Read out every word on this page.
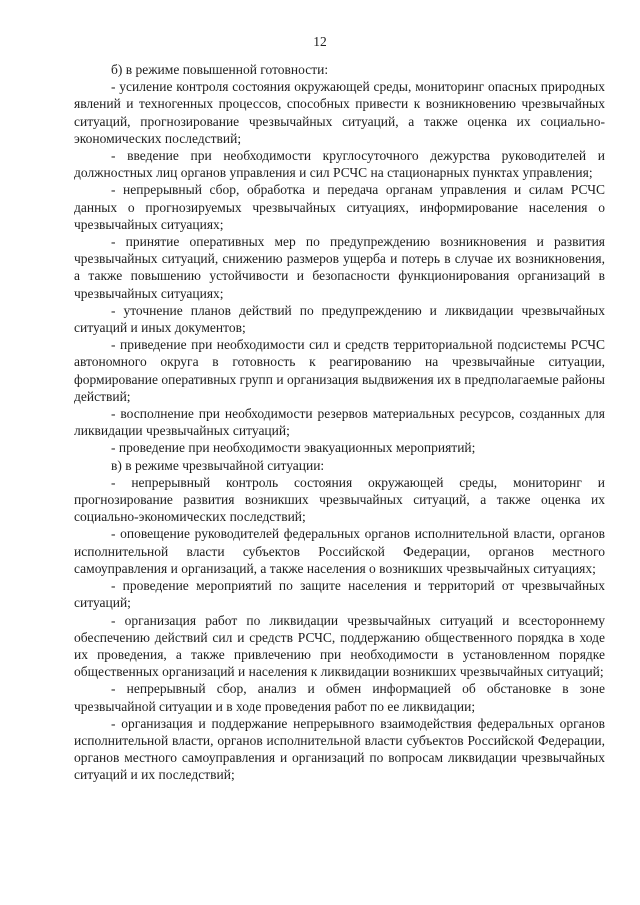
12

б) в режиме повышенной готовности:

- усиление контроля состояния окружающей среды, мониторинг опасных природных явлений и техногенных процессов, способных привести к возникновению чрезвычайных ситуаций, прогнозирование чрезвычайных ситуаций, а также оценка их социально-экономических последствий;

- введение при необходимости круглосуточного дежурства руководителей и должностных лиц органов управления и сил РСЧС на стационарных пунктах управления;

- непрерывный сбор, обработка и передача органам управления и силам РСЧС данных о прогнозируемых чрезвычайных ситуациях, информирование населения о чрезвычайных ситуациях;

- принятие оперативных мер по предупреждению возникновения и развития чрезвычайных ситуаций, снижению размеров ущерба и потерь в случае их возникновения, а также повышению устойчивости и безопасности функционирования организаций в чрезвычайных ситуациях;

- уточнение планов действий по предупреждению и ликвидации чрезвычайных ситуаций и иных документов;

- приведение при необходимости сил и средств территориальной подсистемы РСЧС автономного округа в готовность к реагированию на чрезвычайные ситуации, формирование оперативных групп и организация выдвижения их в предполагаемые районы действий;

- восполнение при необходимости резервов материальных ресурсов, созданных для ликвидации чрезвычайных ситуаций;

- проведение при необходимости эвакуационных мероприятий;

в) в режиме чрезвычайной ситуации:

- непрерывный контроль состояния окружающей среды, мониторинг и прогнозирование развития возникших чрезвычайных ситуаций, а также оценка их социально-экономических последствий;

- оповещение руководителей федеральных органов исполнительной власти, органов исполнительной власти субъектов Российской Федерации, органов местного самоуправления и организаций, а также населения о возникших чрезвычайных ситуациях;

- проведение мероприятий по защите населения и территорий от чрезвычайных ситуаций;

- организация работ по ликвидации чрезвычайных ситуаций и всестороннему обеспечению действий сил и средств РСЧС, поддержанию общественного порядка в ходе их проведения, а также привлечению при необходимости в установленном порядке общественных организаций и населения к ликвидации возникших чрезвычайных ситуаций;

- непрерывный сбор, анализ и обмен информацией об обстановке в зоне чрезвычайной ситуации и в ходе проведения работ по ее ликвидации;

- организация и поддержание непрерывного взаимодействия федеральных органов исполнительной власти, органов исполнительной власти субъектов Российской Федерации, органов местного самоуправления и организаций по вопросам ликвидации чрезвычайных ситуаций и их последствий;
